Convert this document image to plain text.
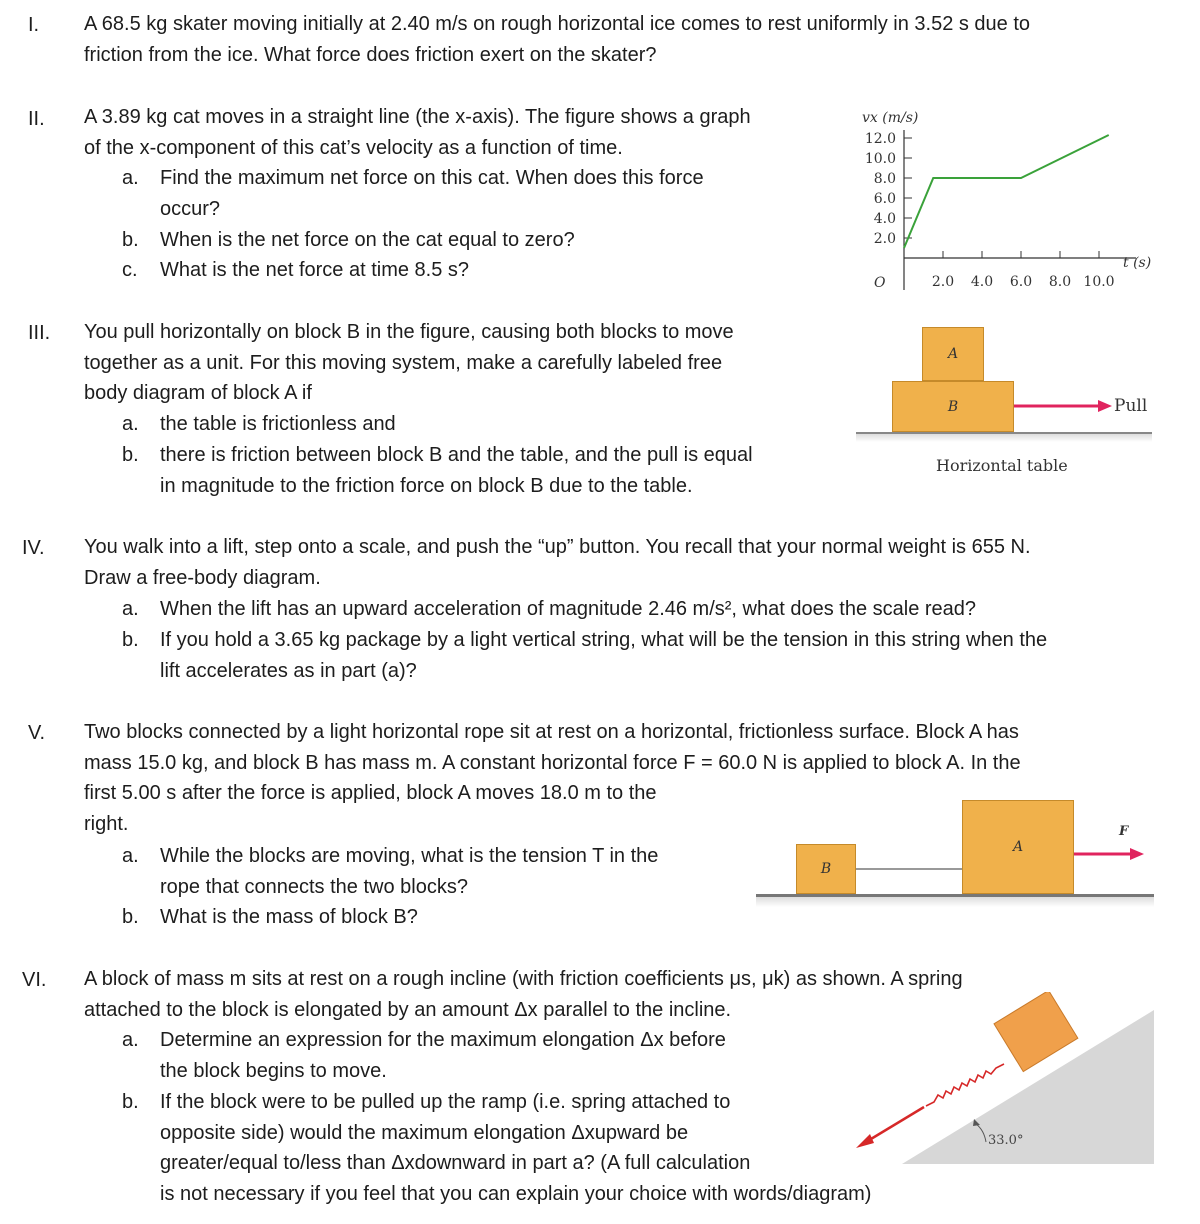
I. A 68.5 kg skater moving initially at 2.40 m/s on rough horizontal ice comes to rest uniformly in 3.52 s due to
friction from the ice. What force does friction exert on the skater?
II. A 3.89 kg cat moves in a straight line (the x-axis). The figure shows a graph
of the x-component of this cat’s velocity as a function of time.
a. Find the maximum net force on this cat. When does this force
occur?
b. When is the net force on the cat equal to zero?
c. What is the net force at time 8.5 s?
vx (m/s)
12.0
10.0
8.0
6.0
4.0
2.0
2.0 4.0 6.0 8.0 10.0
O
t (s)
III. You pull horizontally on block B in the figure, causing both blocks to move
together as a unit. For this moving system, make a carefully labeled free
body diagram of block A if
a. the table is frictionless and
b. there is friction between block B and the table, and the pull is equal
in magnitude to the friction force on block B due to the table.
A
B	Pull
Horizontal table
IV. You walk into a lift, step onto a scale, and push the “up” button. You recall that your normal weight is 655 N.
Draw a free-body diagram.
a. When the lift has an upward acceleration of magnitude 2.46 m/s², what does the scale read?
b. If you hold a 3.65 kg package by a light vertical string, what will be the tension in this string when the
lift accelerates as in part (a)?
V. Two blocks connected by a light horizontal rope sit at rest on a horizontal, frictionless surface. Block A has
mass 15.0 kg, and block B has mass m. A constant horizontal force F = 60.0 N is applied to block A. In the
first 5.00 s after the force is applied, block A moves 18.0 m to the
right.
a. While the blocks are moving, what is the tension T in the
rope that connects the two blocks?
b. What is the mass of block B?
B
A
F
VI. A block of mass m sits at rest on a rough incline (with friction coefficients μs, μk) as shown. A spring
attached to the block is elongated by an amount Δx parallel to the incline.
a. Determine an expression for the maximum elongation Δx before
the block begins to move.
b. If the block were to be pulled up the ramp (i.e. spring attached to
opposite side) would the maximum elongation Δxupward be
greater/equal to/less than Δxdownward in part a? (A full calculation
is not necessary if you feel that you can explain your choice with words/diagram)
33.0°
